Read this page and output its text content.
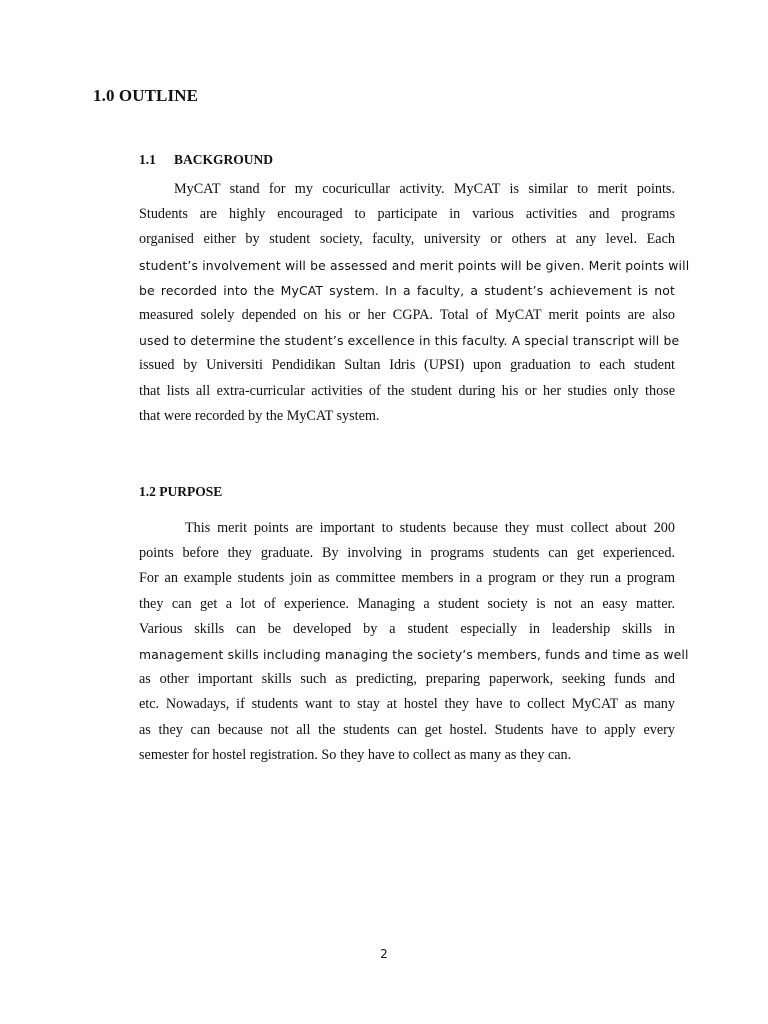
1.0 OUTLINE
1.1 BACKGROUND
MyCAT stand for my cocuricullar activity. MyCAT is similar to merit points.
Students are highly encouraged to participate in various activities and programs
organised either by student society, faculty, university or others at any level. Each
student’s involvement will be assessed and merit points will be given. Merit points will
be recorded into the MyCAT system. In a faculty, a student’s achievement is not
measured solely depended on his or her CGPA. Total of MyCAT merit points are also
used to determine the student’s excellence in this faculty. A special transcript will be
issued by Universiti Pendidikan Sultan Idris (UPSI) upon graduation to each student
that lists all extra-curricular activities of the student during his or her studies only those
that were recorded by the MyCAT system.
1.2 PURPOSE
This merit points are important to students because they must collect about 200
points before they graduate. By involving in programs students can get experienced.
For an example students join as committee members in a program or they run a program
they can get a lot of experience. Managing a student society is not an easy matter.
Various skills can be developed by a student especially in leadership skills in
management skills including managing the society’s members, funds and time as well
as other important skills such as predicting, preparing paperwork, seeking funds and
etc. Nowadays, if students want to stay at hostel they have to collect MyCAT as many
as they can because not all the students can get hostel. Students have to apply every
semester for hostel registration. So they have to collect as many as they can.
2
